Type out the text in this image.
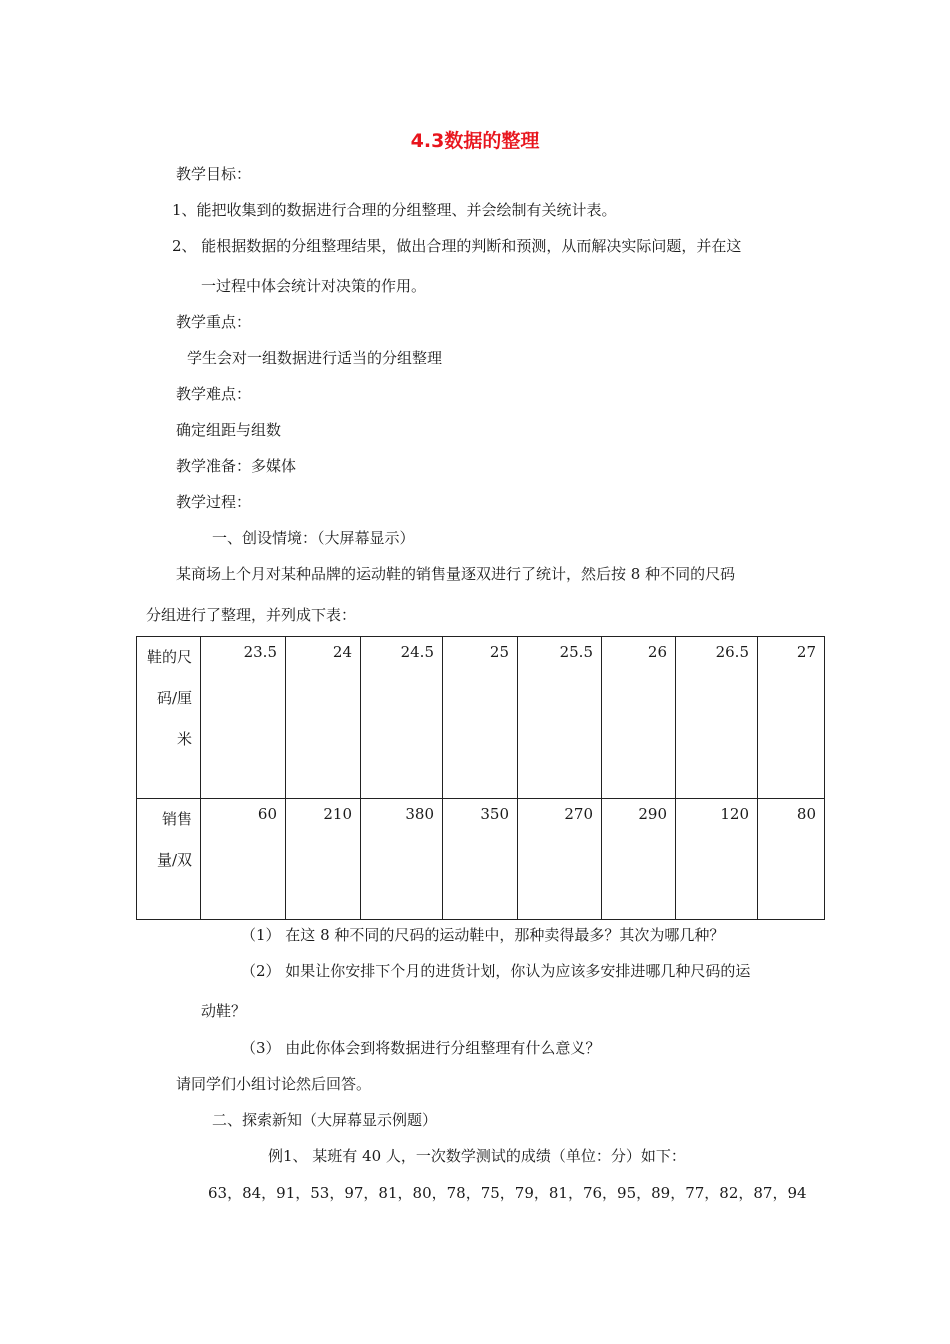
4.3数据的整理
教学目标：
1、能把收集到的数据进行合理的分组整理、并会绘制有关统计表。
2、 能根据数据的分组整理结果，做出合理的判断和预测，从而解决实际问题，并在这
一过程中体会统计对决策的作用。
教学重点：
学生会对一组数据进行适当的分组整理
教学难点：
确定组距与组数
教学准备：多媒体
教学过程：
一、创设情境：（大屏幕显示）
某商场上个月对某种品牌的运动鞋的销售量逐双进行了统计，然后按 8 种不同的尺码
分组进行了整理，并列成下表：
鞋的尺码/厘米	23.5	24	24.5	25	25.5	26	26.5	27
销售量/双	60	210	380	350	270	290	120	80
（1） 在这 8 种不同的尺码的运动鞋中，那种卖得最多？其次为哪几种？
（2） 如果让你安排下个月的进货计划，你认为应该多安排进哪几种尺码的运
动鞋？
（3） 由此你体会到将数据进行分组整理有什么意义？
请同学们小组讨论然后回答。
二、探索新知（大屏幕显示例题）
例1、 某班有 40 人，一次数学测试的成绩（单位：分）如下：
63，84，91，53，97，81，80，78，75，79，81，76，95，89，77，82，87，94
